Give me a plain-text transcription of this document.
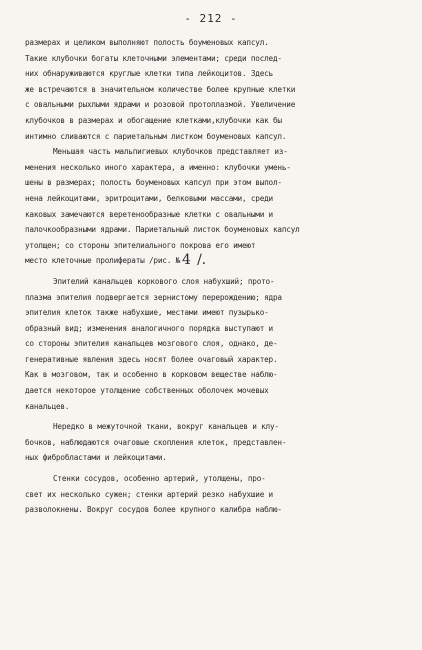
- 212 -
размерах и целиком выполняют полость боуменовых капсул.
Такие клубочки богаты клеточными элементами; среди послед-
них обнаруживаются круглые клетки типа лейкоцитов. Здесь
же встречаются в значительном количестве более крупные клетки
с овальными рыхлыми ядрами и розовой протоплазмой. Увеличение
клубочков в размерах и обогащение клетками,клубочки как бы
интимно сливаются с париетальным листком боуменовых капсул.
Меньшая часть мальпигиевых клубочков представляет из-
менения несколько иного характера, а именно: клубочки умень-
шены в размерах; полость боуменовых капсул при этом выпол-
нена лейкоцитами, эритроцитами, белковыми массами, среди
каковых замечаются веретенообразные клетки с овальными и
палочкообразными ядрами. Париетальный листок боуменовых капсул
утолщен; со стороны эпителиального покрова его имеют
место клеточные пролифераты /рис. № 4 /.
Эпителий канальцев коркового слоя набухший; прото-
плазма эпителия подвергается зернистому перерождению; ядра
эпителия клеток также набухшие, местами имеют пузырько-
образный вид; изменения аналогичного порядка выступают и
со стороны эпителия канальцев мозгового слоя, однако, де-
генеративные явления здесь носят более очаговый характер.
Как в мозговом, так и особенно в корковом веществе наблю-
дается некоторое утолщение собственных оболочек мочевых
канальцев.
Нередко в межуточной ткани, вокруг канальцев и клу-
бочков, наблюдаются очаговые скопления клеток, представлен-
ных фибробластами и лейкоцитами.
Стенки сосудов, особенно артерий, утолщены, про-
свет их несколько сужен; стенки артерий резко набухшие и
разволокнены. Вокруг сосудов более крупного калибра наблю-
